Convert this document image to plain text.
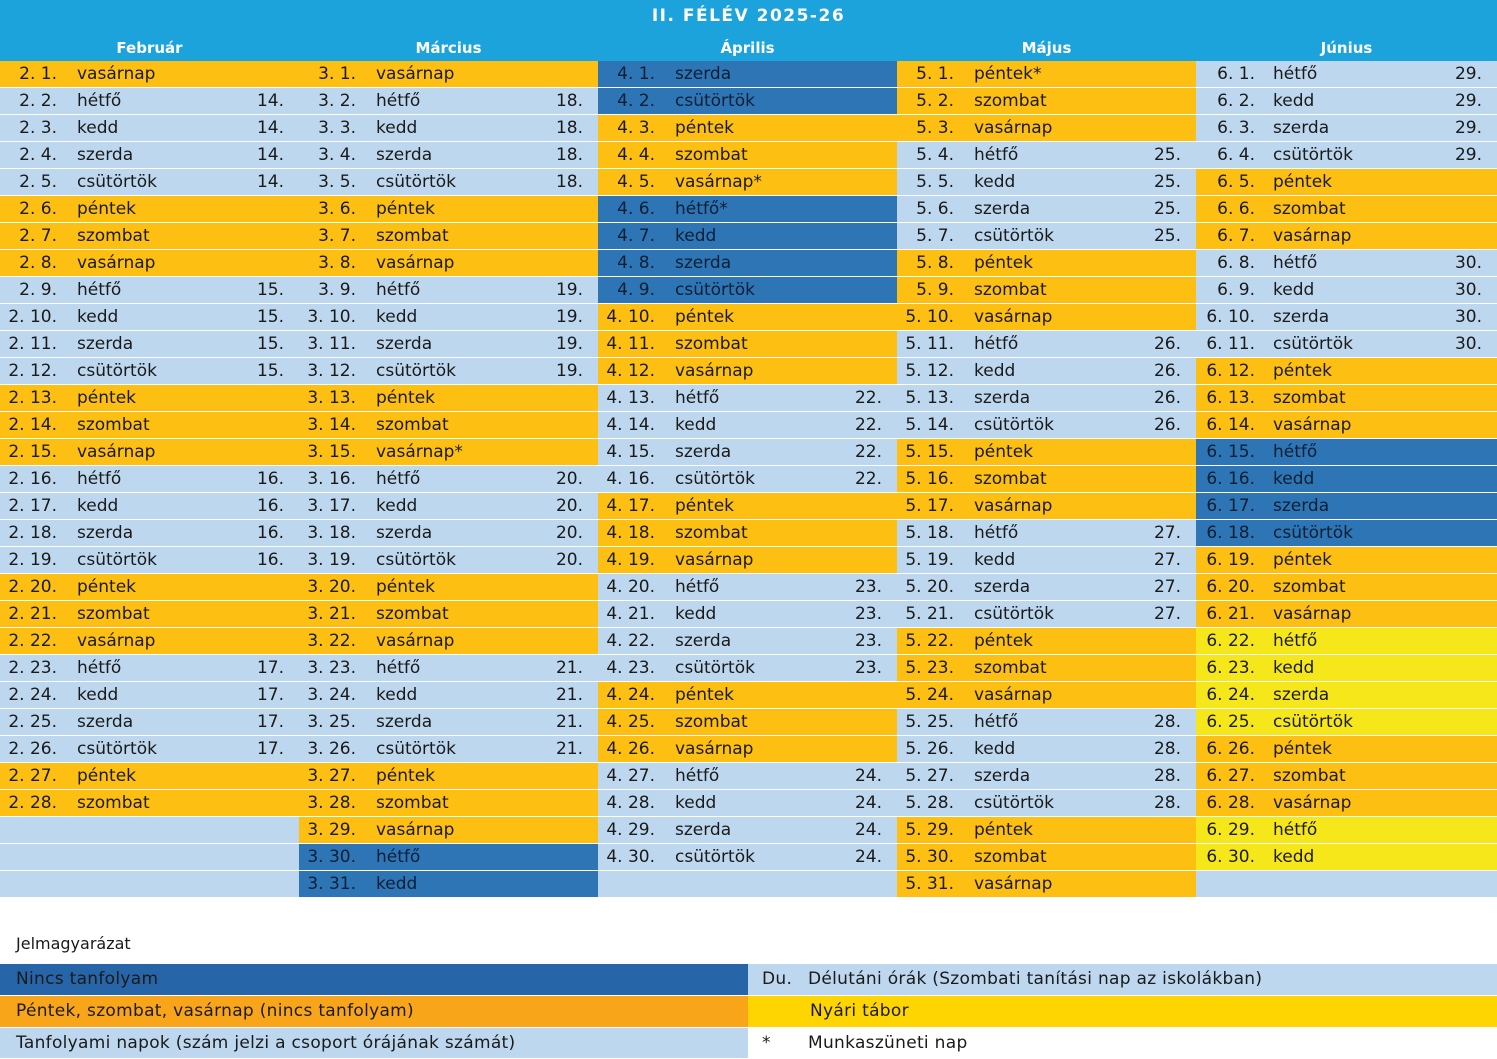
II. FÉLÉV 2025-26
Február	Március	Április	Május	Június
2. 1. vasárnap
2. 2. hétfő	14.
2. 3. kedd	14.
2. 4. szerda	14.
2. 5. csütörtök	14.
2. 6. péntek
2. 7. szombat
2. 8. vasárnap
2. 9. hétfő	15.
2. 10. kedd	15.
2. 11. szerda	15.
2. 12. csütörtök	15.
2. 13. péntek
2. 14. szombat
2. 15. vasárnap
2. 16. hétfő	16.
2. 17. kedd	16.
2. 18. szerda	16.
2. 19. csütörtök	16.
2. 20. péntek
2. 21. szombat
2. 22. vasárnap
2. 23. hétfő	17.
2. 24. kedd	17.
2. 25. szerda	17.
2. 26. csütörtök	17.
2. 27. péntek
2. 28. szombat
3. 1. vasárnap
3. 2. hétfő	18.
3. 3. kedd	18.
3. 4. szerda	18.
3. 5. csütörtök	18.
3. 6. péntek
3. 7. szombat
3. 8. vasárnap
3. 9. hétfő	19.
3. 10. kedd	19.
3. 11. szerda	19.
3. 12. csütörtök	19.
3. 13. péntek
3. 14. szombat
3. 15. vasárnap*
3. 16. hétfő	20.
3. 17. kedd	20.
3. 18. szerda	20.
3. 19. csütörtök	20.
3. 20. péntek
3. 21. szombat
3. 22. vasárnap
3. 23. hétfő	21.
3. 24. kedd	21.
3. 25. szerda	21.
3. 26. csütörtök	21.
3. 27. péntek
3. 28. szombat
3. 29. vasárnap
3. 30. hétfő
3. 31. kedd
4. 1. szerda
4. 2. csütörtök
4. 3. péntek
4. 4. szombat
4. 5. vasárnap*
4. 6. hétfő*
4. 7. kedd
4. 8. szerda
4. 9. csütörtök
4. 10. péntek
4. 11. szombat
4. 12. vasárnap
4. 13. hétfő	22.
4. 14. kedd	22.
4. 15. szerda	22.
4. 16. csütörtök	22.
4. 17. péntek
4. 18. szombat
4. 19. vasárnap
4. 20. hétfő	23.
4. 21. kedd	23.
4. 22. szerda	23.
4. 23. csütörtök	23.
4. 24. péntek
4. 25. szombat
4. 26. vasárnap
4. 27. hétfő	24.
4. 28. kedd	24.
4. 29. szerda	24.
4. 30. csütörtök	24.
5. 1. péntek*
5. 2. szombat
5. 3. vasárnap
5. 4. hétfő	25.
5. 5. kedd	25.
5. 6. szerda	25.
5. 7. csütörtök	25.
5. 8. péntek
5. 9. szombat
5. 10. vasárnap
5. 11. hétfő	26.
5. 12. kedd	26.
5. 13. szerda	26.
5. 14. csütörtök	26.
5. 15. péntek
5. 16. szombat
5. 17. vasárnap
5. 18. hétfő	27.
5. 19. kedd	27.
5. 20. szerda	27.
5. 21. csütörtök	27.
5. 22. péntek
5. 23. szombat
5. 24. vasárnap
5. 25. hétfő	28.
5. 26. kedd	28.
5. 27. szerda	28.
5. 28. csütörtök	28.
5. 29. péntek
5. 30. szombat
5. 31. vasárnap
6. 1. hétfő	29.
6. 2. kedd	29.
6. 3. szerda	29.
6. 4. csütörtök	29.
6. 5. péntek
6. 6. szombat
6. 7. vasárnap
6. 8. hétfő	30.
6. 9. kedd	30.
6. 10. szerda	30.
6. 11. csütörtök	30.
6. 12. péntek
6. 13. szombat
6. 14. vasárnap
6. 15. hétfő
6. 16. kedd
6. 17. szerda
6. 18. csütörtök
6. 19. péntek
6. 20. szombat
6. 21. vasárnap
6. 22. hétfő
6. 23. kedd
6. 24. szerda
6. 25. csütörtök
6. 26. péntek
6. 27. szombat
6. 28. vasárnap
6. 29. hétfő
6. 30. kedd
Jelmagyarázat
Nincs tanfolyam
Péntek, szombat, vasárnap (nincs tanfolyam)
Tanfolyami napok (szám jelzi a csoport órájának számát)
Du. Délutáni órák (Szombati tanítási nap az iskolákban)
Nyári tábor
* Munkaszüneti nap
